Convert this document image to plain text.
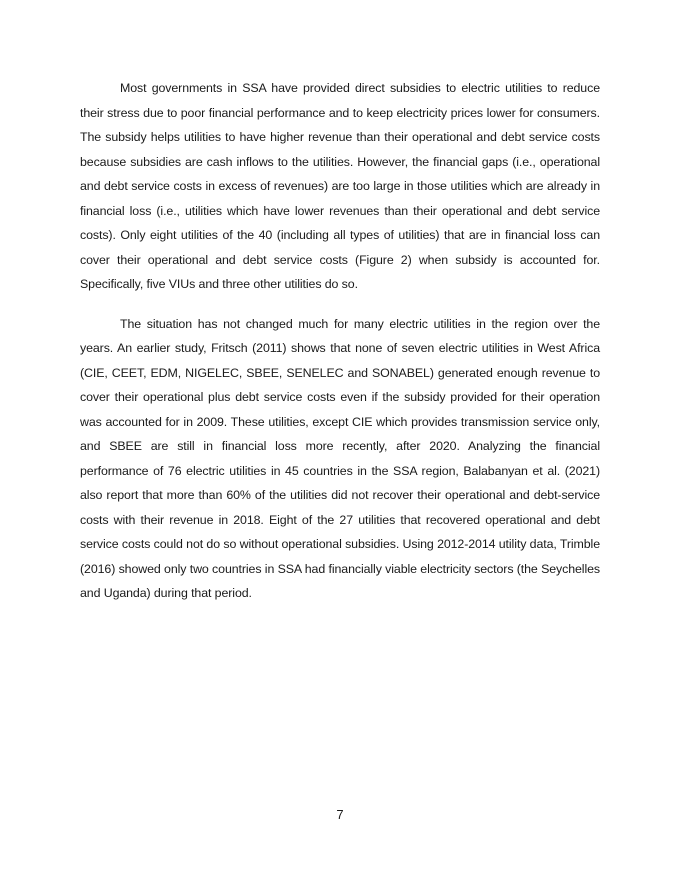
Most governments in SSA have provided direct subsidies to electric utilities to reduce their stress due to poor financial performance and to keep electricity prices lower for consumers. The subsidy helps utilities to have higher revenue than their operational and debt service costs because subsidies are cash inflows to the utilities. However, the financial gaps (i.e., operational and debt service costs in excess of revenues) are too large in those utilities which are already in financial loss (i.e., utilities which have lower revenues than their operational and debt service costs). Only eight utilities of the 40 (including all types of utilities) that are in financial loss can cover their operational and debt service costs (Figure 2) when subsidy is accounted for. Specifically, five VIUs and three other utilities do so.

The situation has not changed much for many electric utilities in the region over the years. An earlier study, Fritsch (2011) shows that none of seven electric utilities in West Africa (CIE, CEET, EDM, NIGELEC, SBEE, SENELEC and SONABEL) generated enough revenue to cover their operational plus debt service costs even if the subsidy provided for their operation was accounted for in 2009. These utilities, except CIE which provides transmission service only, and SBEE are still in financial loss more recently, after 2020. Analyzing the financial performance of 76 electric utilities in 45 countries in the SSA region, Balabanyan et al. (2021) also report that more than 60% of the utilities did not recover their operational and debt-service costs with their revenue in 2018. Eight of the 27 utilities that recovered operational and debt service costs could not do so without operational subsidies. Using 2012-2014 utility data, Trimble (2016) showed only two countries in SSA had financially viable electricity sectors (the Seychelles and Uganda) during that period.

7
